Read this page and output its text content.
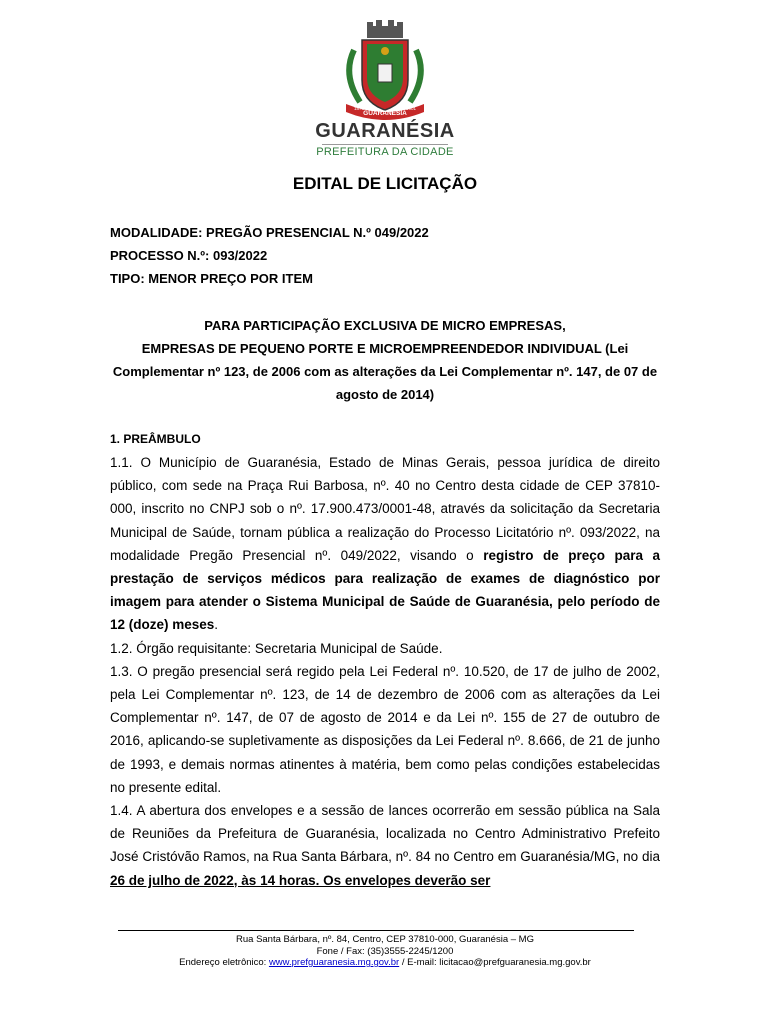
GUARANÉSIA
1878	1901
GUARANÉSIA
PREFEITURA DA CIDADE
EDITAL DE LICITAÇÃO
MODALIDADE: PREGÃO PRESENCIAL N.º 049/2022
PROCESSO N.º: 093/2022
TIPO: MENOR PREÇO POR ITEM
PARA PARTICIPAÇÃO EXCLUSIVA DE MICRO EMPRESAS,
EMPRESAS DE PEQUENO PORTE E MICROEMPREENDEDOR INDIVIDUAL (Lei Complementar nº 123, de 2006 com as alterações da Lei Complementar nº. 147, de 07 de agosto de 2014)
1. PREÂMBULO

1.1. O Município de Guaranésia, Estado de Minas Gerais, pessoa jurídica de direito público, com sede na Praça Rui Barbosa, nº. 40 no Centro desta cidade de CEP 37810-000, inscrito no CNPJ sob o nº. 17.900.473/0001-48, através da solicitação da Secretaria Municipal de Saúde, tornam pública a realização do Processo Licitatório nº. 093/2022, na modalidade Pregão Presencial nº. 049/2022, visando o registro de preço para a prestação de serviços médicos para realização de exames de diagnóstico por imagem para atender o Sistema Municipal de Saúde de Guaranésia, pelo período de 12 (doze) meses.

1.2. Órgão requisitante: Secretaria Municipal de Saúde.

1.3. O pregão presencial será regido pela Lei Federal nº. 10.520, de 17 de julho de 2002, pela Lei Complementar nº. 123, de 14 de dezembro de 2006 com as alterações da Lei Complementar nº. 147, de 07 de agosto de 2014 e da Lei nº. 155 de 27 de outubro de 2016, aplicando-se supletivamente as disposições da Lei Federal nº. 8.666, de 21 de junho de 1993, e demais normas atinentes à matéria, bem como pelas condições estabelecidas no presente edital.

1.4. A abertura dos envelopes e a sessão de lances ocorrerão em sessão pública na Sala de Reuniões da Prefeitura de Guaranésia, localizada no Centro Administrativo Prefeito José Cristóvão Ramos, na Rua Santa Bárbara, nº. 84 no Centro em Guaranésia/MG, no dia 26 de julho de 2022, às 14 horas. Os envelopes deverão ser

Rua Santa Bárbara, nº. 84, Centro, CEP 37810-000, Guaranésia – MG
Fone / Fax: (35)3555-2245/1200
Endereço eletrônico: www.prefguaranesia.mg.gov.br / E-mail: licitacao@prefguaranesia.mg.gov.br
